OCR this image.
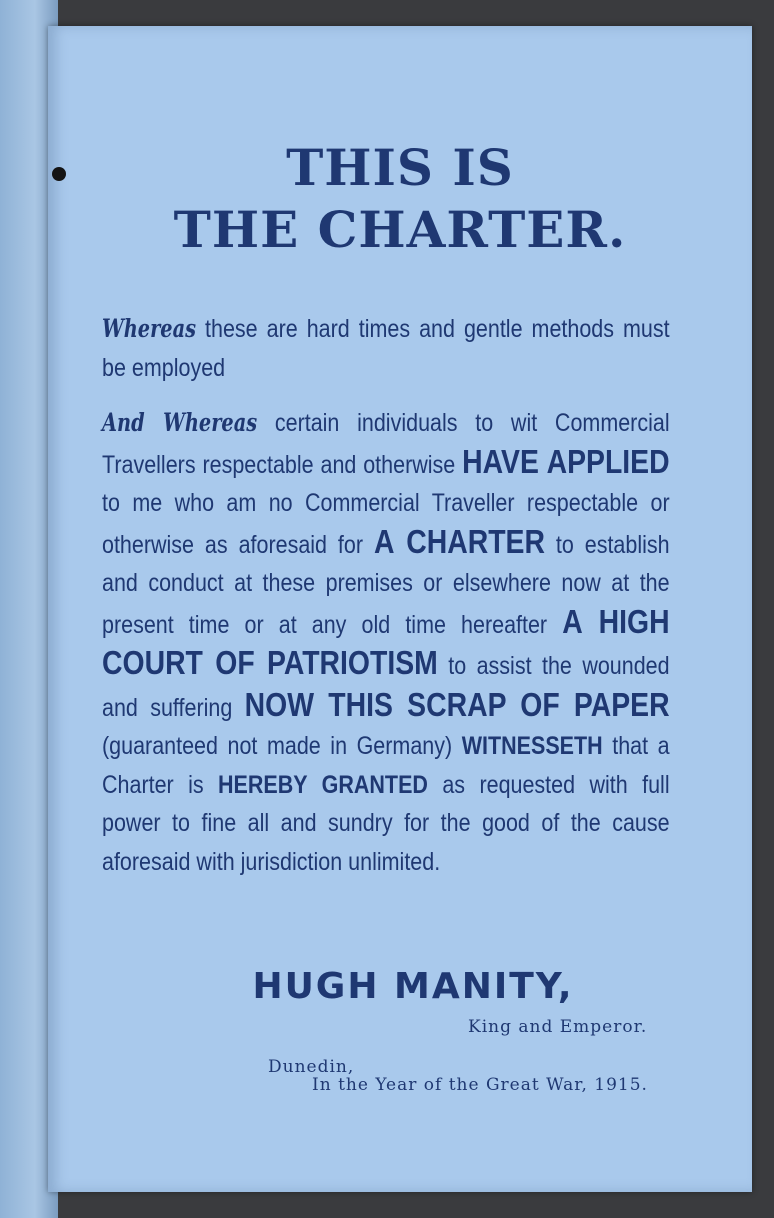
THIS IS
THE CHARTER.

Whereas these are hard times and gentle methods must be employed

And Whereas certain individuals to wit Commercial Travellers respectable and otherwise HAVE APPLIED to me who am no Commercial Traveller respectable or otherwise as aforesaid for A CHARTER to establish and conduct at these premises or elsewhere now at the present time or at any old time hereafter A HIGH COURT OF PATRIOTISM to assist the wounded and suffering NOW THIS SCRAP OF PAPER (guaranteed not made in Germany) WITNESSETH that a Charter is HEREBY GRANTED as requested with full power to fine all and sundry for the good of the cause aforesaid with jurisdiction unlimited.

HUGH MANITY,

King and Emperor.

Dunedin,

In the Year of the Great War, 1915.
